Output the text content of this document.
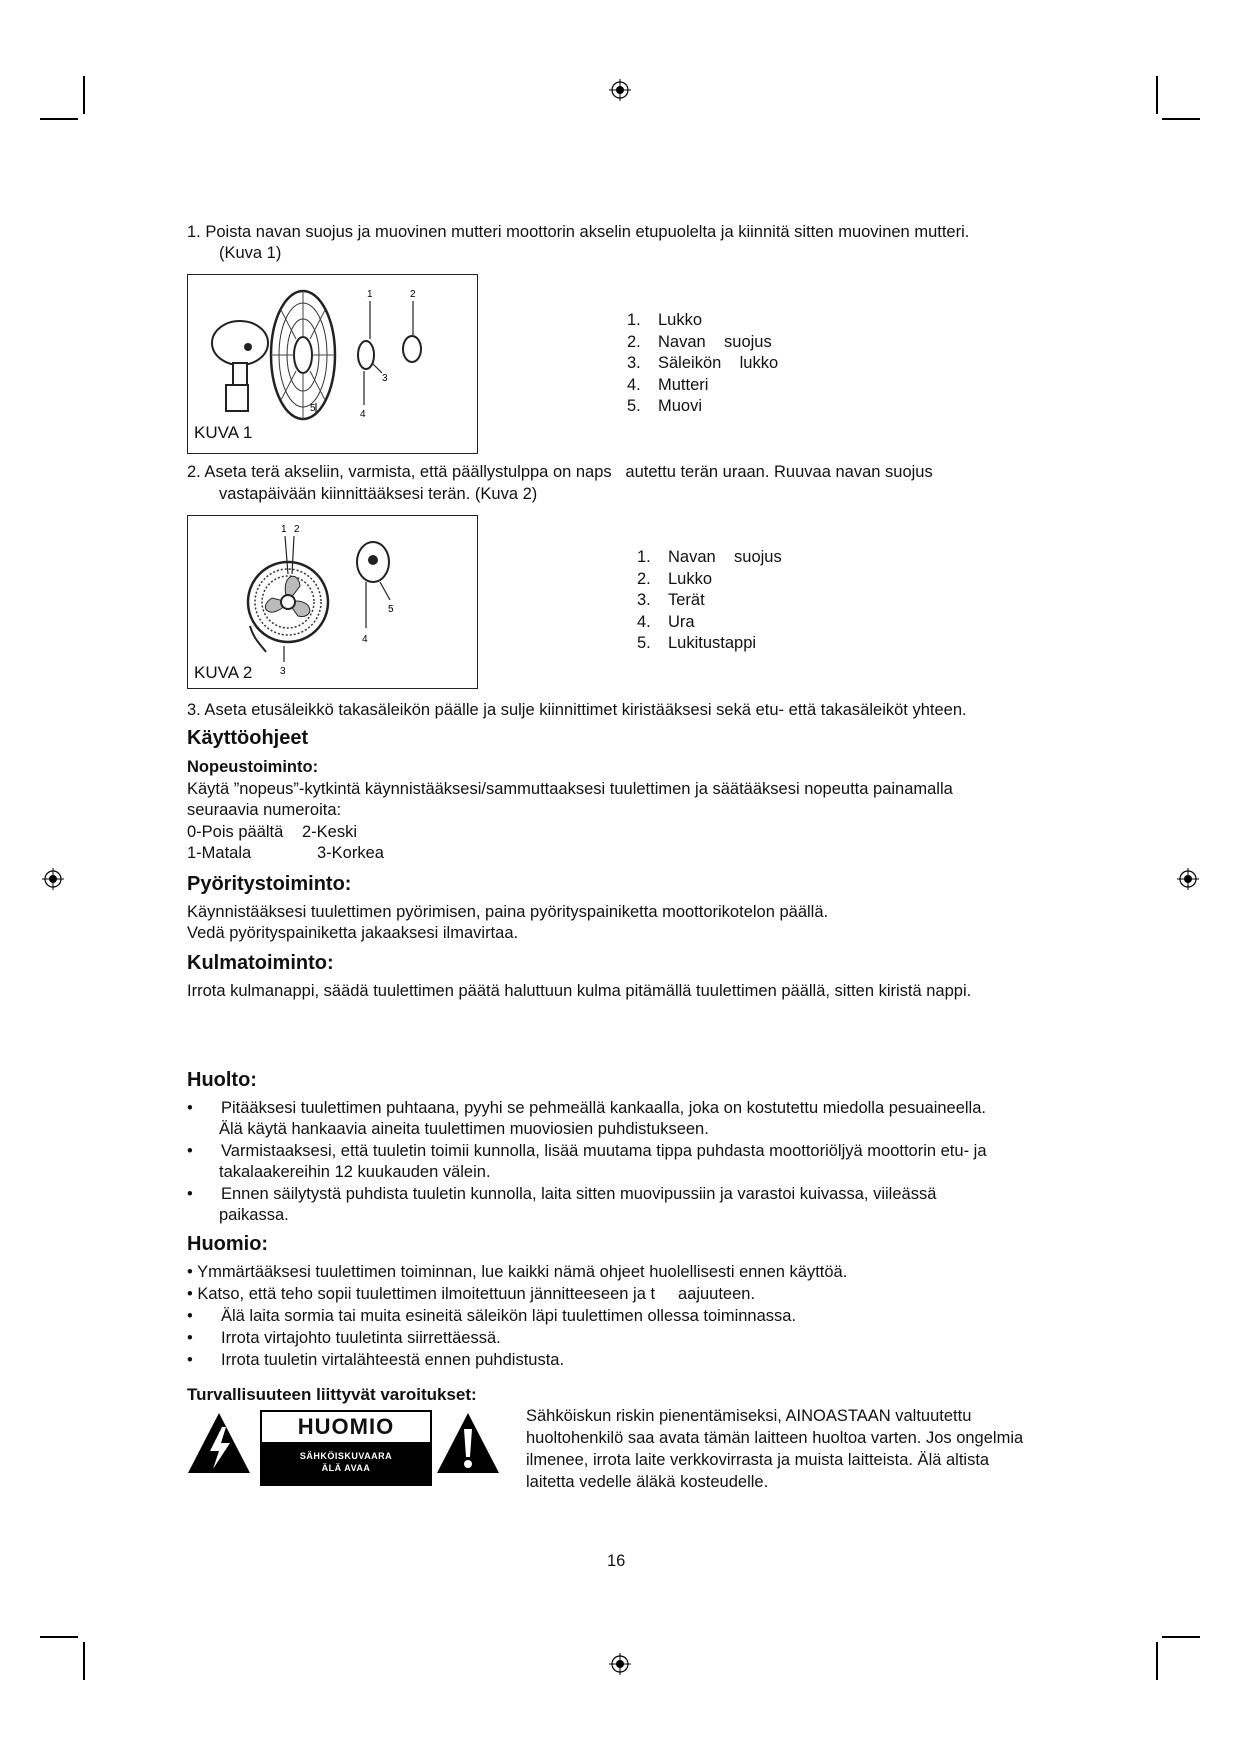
1. Poista navan suojus ja muovinen mutteri moottorin akselin etupuolelta ja kiinnitä sitten muovinen mutteri.
(Kuva 1)
1	2
3
4
5
KUVA 1
1. Lukko
2. Navan    suojus
3. Säleikön    lukko
4. Mutteri
5. Muovi
2. Aseta terä akseliin, varmista, että päällystulppa on naps   autettu terän uraan. Ruuvaa navan suojus
vastapäivään kiinnittääksesi terän. (Kuva 2)
1 2
3
4
5
KUVA 2
1. Navan    suojus
2. Lukko
3. Terät
4. Ura
5. Lukitustappi
3. Aseta etusäleikkö takasäleikön päälle ja sulje kiinnittimet kiristääksesi sekä etu- että takasäleiköt yhteen.
Käyttöohjeet
Nopeustoiminto:
Käytä ”nopeus”-kytkintä käynnistääksesi/sammuttaaksesi tuulettimen ja säätääksesi nopeutta painamalla
seuraavia numeroita:
0-Pois päältä 2-Keski
1-Matala	3-Korkea
Pyöritystoiminto:
Käynnistääksesi tuulettimen pyörimisen, paina pyörityspainiketta moottorikotelon päällä.
Vedä pyörityspainiketta jakaaksesi ilmavirtaa.
Kulmatoiminto:
Irrota kulmanappi, säädä tuulettimen päätä haluttuun kulma pitämällä tuulettimen päällä, sitten kiristä nappi.
Huolto:
• Pitääksesi tuulettimen puhtaana, pyyhi se pehmeällä kankaalla, joka on kostutettu miedolla pesuaineella.
Älä käytä hankaavia aineita tuulettimen muoviosien puhdistukseen.
• Varmistaaksesi, että tuuletin toimii kunnolla, lisää muutama tippa puhdasta moottoriöljyä moottorin etu- ja
takalaakereihin 12 kuukauden välein.
• Ennen säilytystä puhdista tuuletin kunnolla, laita sitten muovipussiin ja varastoi kuivassa, viileässä
paikassa.
Huomio:
• Ymmärtääksesi tuulettimen toiminnan, lue kaikki nämä ohjeet huolellisesti ennen käyttöä.
• Katso, että teho sopii tuulettimen ilmoitettuun jännitteeseen ja t     aajuuteen.
• Älä laita sormia tai muita esineitä säleikön läpi tuulettimen ollessa toiminnassa.
• Irrota virtajohto tuuletinta siirrettäessä.
• Irrota tuuletin virtalähteestä ennen puhdistusta.
Turvallisuuteen liittyvät varoitukset:
HUOMIO
SÄHKÖISKUVAARA
ÄLÄ AVAA
Sähköiskun riskin pienentämiseksi, AINOASTAAN valtuutettu
huoltohenkilö saa avata tämän laitteen huoltoa varten. Jos ongelmia
ilmenee, irrota laite verkkovirrasta ja muista laitteista. Älä altista
laitetta vedelle äläkä kosteudelle.
16
